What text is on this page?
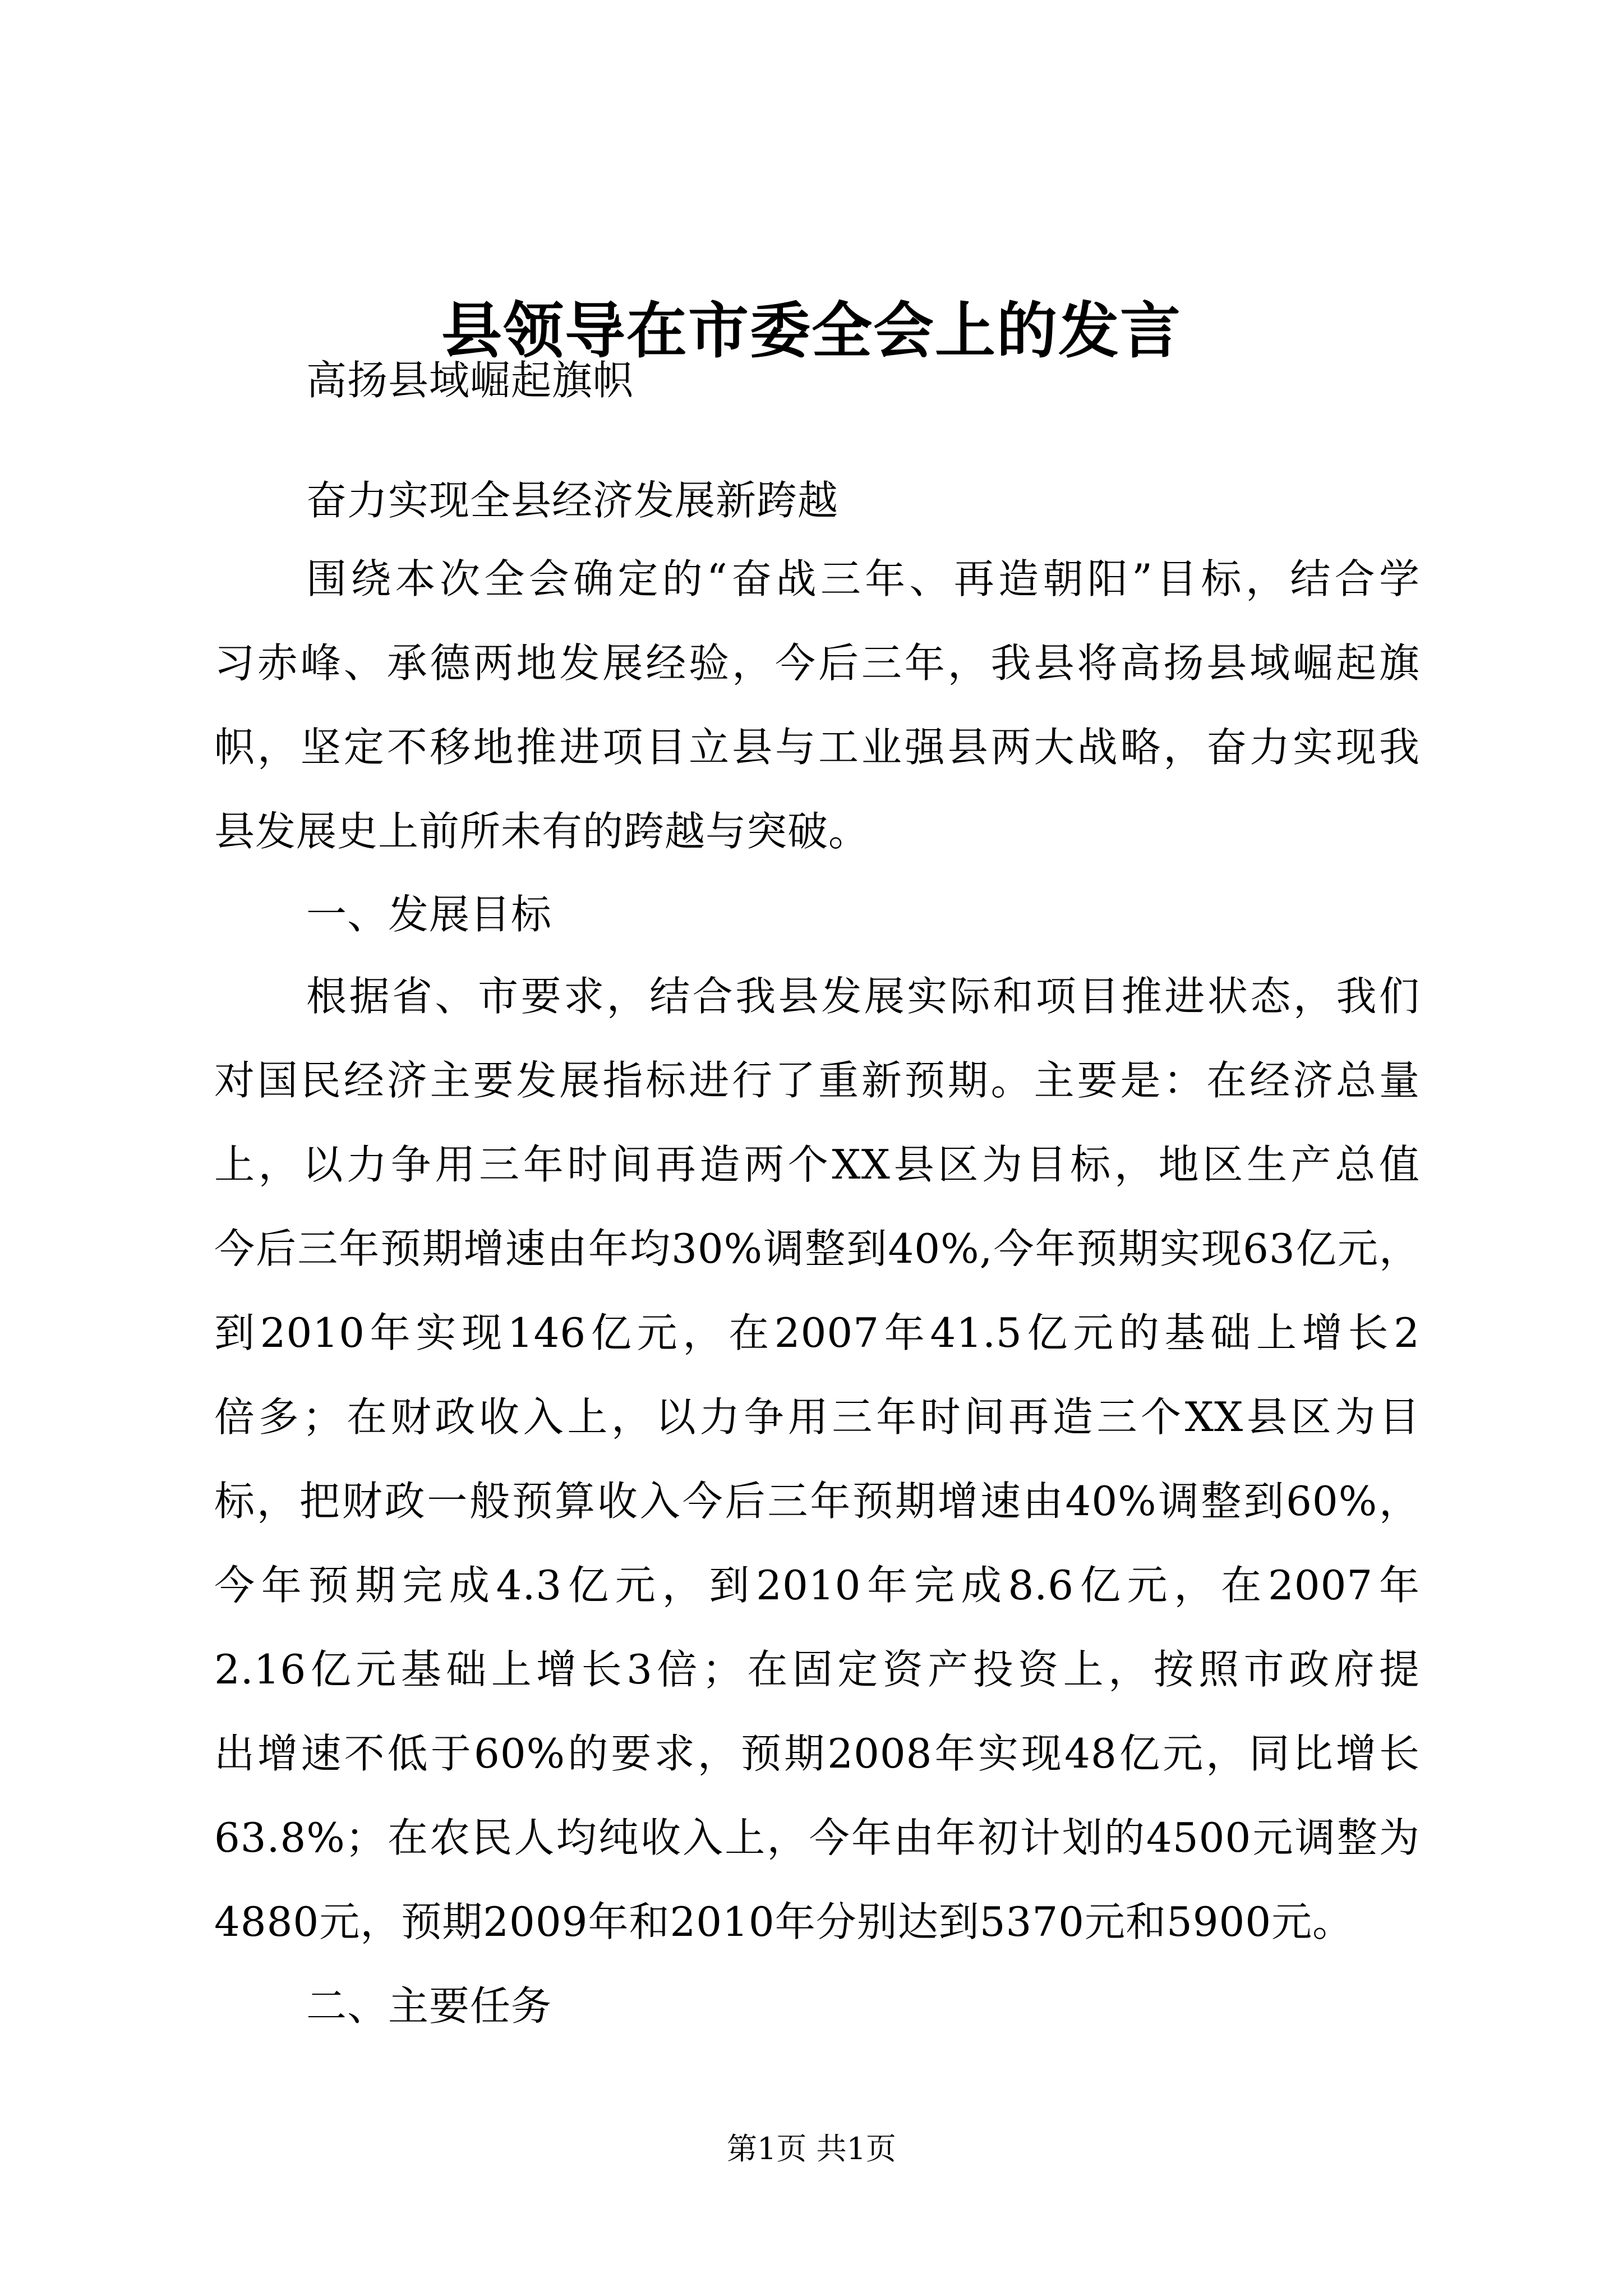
县领导在市委全会上的发言
高扬县域崛起旗帜
奋力实现全县经济发展新跨越
围绕本次全会确定的“奋战三年、再造朝阳”目标，结合学
习赤峰、承德两地发展经验，今后三年，我县将高扬县域崛起旗
帜，坚定不移地推进项目立县与工业强县两大战略，奋力实现我
县发展史上前所未有的跨越与突破。
一、发展目标
根据省、市要求，结合我县发展实际和项目推进状态，我们
对国民经济主要发展指标进行了重新预期。主要是：在经济总量
上，以力争用三年时间再造两个XX县区为目标，地区生产总值
今后三年预期增速由年均30%调整到40%,今年预期实现63亿元，
到2010年实现146亿元，在2007年41.5亿元的基础上增长2
倍多；在财政收入上，以力争用三年时间再造三个XX县区为目
标，把财政一般预算收入今后三年预期增速由40%调整到60%，
今年预期完成4.3亿元，到2010年完成8.6亿元，在2007年
2.16亿元基础上增长3倍；在固定资产投资上，按照市政府提
出增速不低于60%的要求，预期2008年实现48亿元，同比增长
63.8%；在农民人均纯收入上，今年由年初计划的4500元调整为
4880元，预期2009年和2010年分别达到5370元和5900元。
二、主要任务
第1页 共1页
